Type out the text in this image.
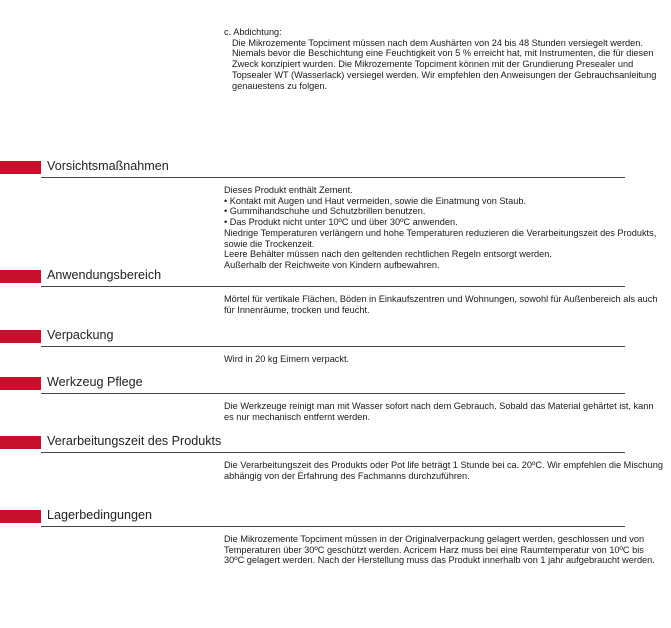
c. Abdichtung:
Die Mikrozemente Topciment müssen nach dem Aushärten von 24 bis 48 Stunden versiegelt werden. Niemals bevor die Beschichtung eine Feuchtigkeit von 5 % erreicht hat, mit Instrumenten, die für diesen Zweck konzipiert wurden. Die Mikrozemente Topciment können mit der Grundierung Presealer und Topsealer WT (Wasserlack) versiegel werden. Wir empfehlen den Anweisungen der Gebrauchsanleitung genauestens zu folgen.
Vorsichtsmaßnahmen

Dieses Produkt enthält Zement.

• Kontakt mit Augen und Haut vermeiden, sowie die Einatmung von Staub.

• Gummihandschuhe und Schutzbrillen benutzen.

• Das Produkt nicht unter 10ºC und über 30ºC anwenden.

Niedrige Temperaturen verlängern und hohe Temperaturen reduzieren die Verarbeitungszeit des Produkts, sowie die Trockenzeit.

Leere Behälter müssen nach den geltenden rechtlichen Regeln entsorgt werden.

Außerhalb der Reichweite von Kindern aufbewahren.

Anwendungsbereich

Mörtel für vertikale Flächen, Böden in Einkaufszentren und Wohnungen, sowohl für Außenbereich als auch für Innenräume, trocken und feucht.

Verpackung

Wird in 20 kg Eimern verpackt.

Werkzeug Pflege

Die Werkzeuge reinigt man mit Wasser sofort nach dem Gebrauch. Sobald das Material gehärtet ist, kann es nur mechanisch entfernt werden.

Verarbeitungszeit des Produkts

Die Verarbeitungszeit des Produkts oder Pot life beträgt 1 Stunde bei ca. 20ºC. Wir empfehlen die Mischung abhängig von der Erfahrung des Fachmanns durchzuführen.

Lagerbedingungen

Die Mikrozemente Topciment müssen in der Originalverpackung gelagert werden, geschlossen und von Temperaturen über 30ºC geschützt werden. Acricem Harz muss bei eine Raumtemperatur von 10ºC bis 30ºC gelagert werden. Nach der Herstellung muss das Produkt innerhalb von 1 jahr aufgebraucht werden.
